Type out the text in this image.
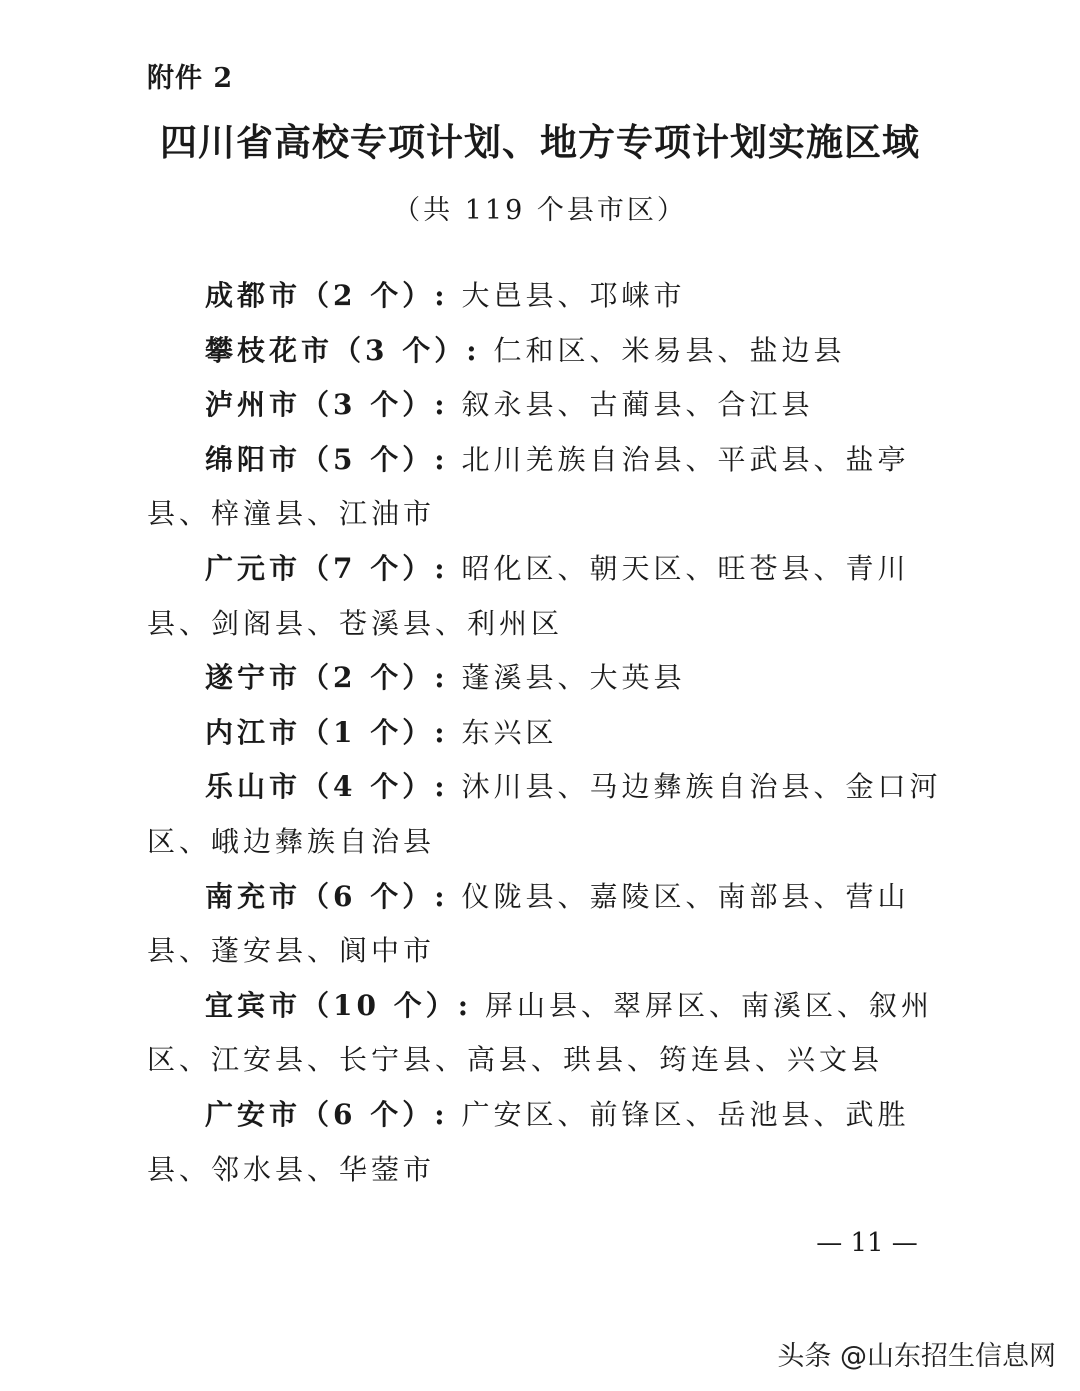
附件 2
四川省高校专项计划、地方专项计划实施区域
（共 119 个县市区）

成都市（2 个）: 大邑县、邛崃市

攀枝花市（3 个）: 仁和区、米易县、盐边县

泸州市（3 个）: 叙永县、古蔺县、合江县

绵阳市（5 个）: 北川羌族自治县、平武县、盐亭县、梓潼县、江油市

广元市（7 个）: 昭化区、朝天区、旺苍县、青川县、剑阁县、苍溪县、利州区

遂宁市（2 个）: 蓬溪县、大英县

内江市（1 个）: 东兴区

乐山市（4 个）: 沐川县、马边彝族自治县、金口河区、峨边彝族自治县

南充市（6 个）: 仪陇县、嘉陵区、南部县、营山县、蓬安县、阆中市

宜宾市（10 个）: 屏山县、翠屏区、南溪区、叙州区、江安县、长宁县、高县、珙县、筠连县、兴文县

广安市（6 个）: 广安区、前锋区、岳池县、武胜县、邻水县、华蓥市

— 11 —
头条 @山东招生信息网
